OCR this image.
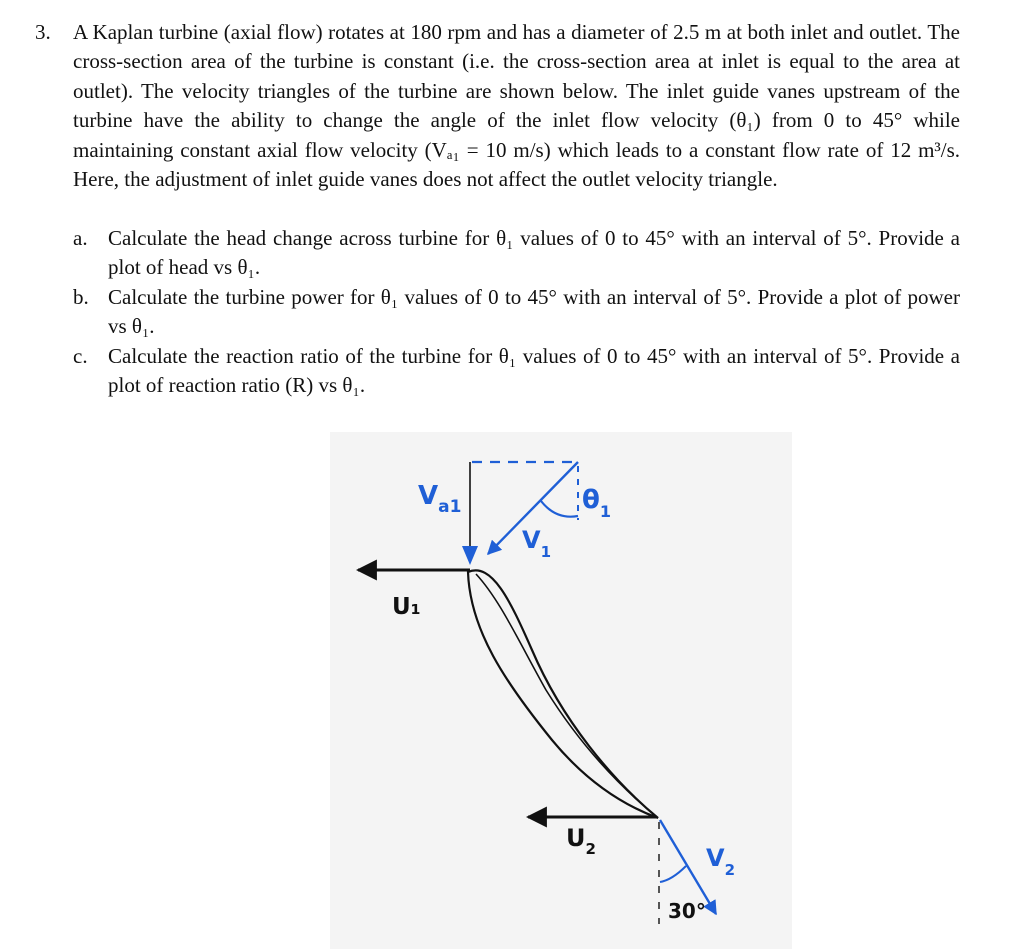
3. A Kaplan turbine (axial flow) rotates at 180 rpm and has a diameter of 2.5 m at both inlet and outlet. The cross-section area of the turbine is constant (i.e. the cross-section area at inlet is equal to the area at outlet). The velocity triangles of the turbine are shown below. The inlet guide vanes upstream of the turbine have the ability to change the angle of the inlet flow velocity (θ₁) from 0 to 45° while maintaining constant axial flow velocity (Vₐ₁ = 10 m/s) which leads to a constant flow rate of 12 m³/s. Here, the adjustment of inlet guide vanes does not affect the outlet velocity triangle.
a. Calculate the head change across turbine for θ₁ values of 0 to 45° with an interval of 5°. Provide a plot of head vs θ₁.
b. Calculate the turbine power for θ₁ values of 0 to 45° with an interval of 5°. Provide a plot of power vs θ₁.
c. Calculate the reaction ratio of the turbine for θ₁ values of 0 to 45° with an interval of 5°. Provide a plot of reaction ratio (R) vs θ₁.
$V_{a1}$
U₁
$\theta_1$
$V_1$
$U_2$	$V_2$
30°
